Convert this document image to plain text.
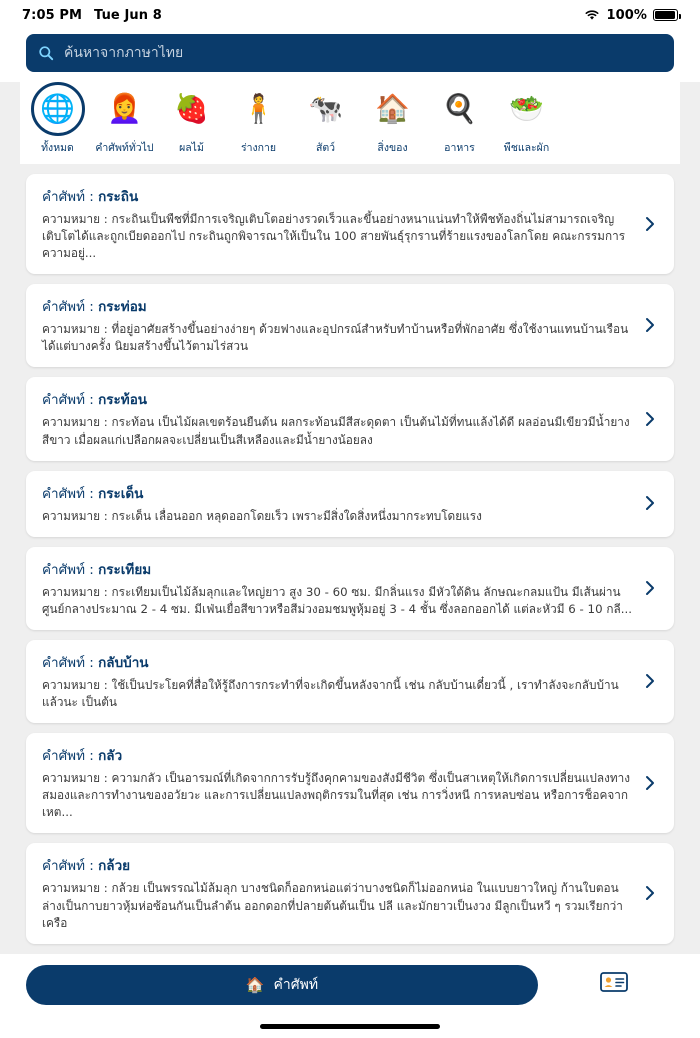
7:05 PM Tue Jun 8	100%
ค้นหาจากภาษาไทย
🌐
ทั้งหมด
👩‍🦰
คำศัพท์ทั่วไป
🍓
ผลไม้
🧍
ร่างกาย
🐄
สัตว์
🏠
สิ่งของ
🍳
อาหาร
🥗
พืชและผัก
คำศัพท์ : กระถิน
ความหมาย : กระถินเป็นพืชที่มีการเจริญเติบโตอย่างรวดเร็วและขึ้นอย่างหนาแน่นทำให้พืชท้องถิ่นไม่สามารถเจริญเติบโตได้และถูกเบียดออกไป กระถินถูกพิจารณาให้เป็นใน 100 สายพันธุ์รุกรานที่ร้ายแรงของโลกโดย คณะกรรมการความอยู่...
คำศัพท์ : กระท่อม
ความหมาย : ที่อยู่อาศัยสร้างขึ้นอย่างง่ายๆ ด้วยฟางและอุปกรณ์สำหรับทำบ้านหรือที่พักอาศัย ซึ่งใช้งานแทนบ้านเรือนได้แต่บางครั้ง นิยมสร้างขึ้นไว้ตามไร่สวน
คำศัพท์ : กระท้อน
ความหมาย : กระท้อน เป็นไม้ผลเขตร้อนยืนต้น ผลกระท้อนมีสีสะดุดตา เป็นต้นไม้ที่ทนแล้งได้ดี ผลอ่อนมีเขียวมีน้ำยางสีขาว เมื่อผลแก่เปลือกผลจะเปลี่ยนเป็นสีเหลืองและมีน้ำยางน้อยลง
คำศัพท์ : กระเด็น
ความหมาย : กระเด็น เลื่อนออก หลุดออกโดยเร็ว เพราะมีสิ่งใดสิ่งหนึ่งมากระทบโดยแรง
คำศัพท์ : กระเทียม
ความหมาย : กระเทียมเป็นไม้ล้มลุกและใหญ่ยาว สูง 30 - 60 ซม. มีกลิ่นแรง มีหัวใต้ดิน ลักษณะกลมแป้น มีเส้นผ่านศูนย์กลางประมาณ 2 - 4 ซม. มีเฟ่นเยื่อสีขาวหรือสีม่วงอมชมพูหุ้มอยู่ 3 - 4 ชั้น ซึ่งลอกออกได้ แต่ละหัวมี 6 - 10 กลี...
คำศัพท์ : กลับบ้าน
ความหมาย : ใช้เป็นประโยคที่สื่อให้รู้ถึงการกระทำที่จะเกิดขึ้นหลังจากนี้ เช่น กลับบ้านเดี๋ยวนี้ , เราทำลังจะกลับบ้านแล้วนะ เป็นต้น
คำศัพท์ : กลัว
ความหมาย : ความกลัว เป็นอารมณ์ที่เกิดจากการรับรู้ถึงคุกคามของสังมีชีวิต ซึ่งเป็นสาเหตุให้เกิดการเปลี่ยนแปลงทางสมองและการทำงานของอวัยวะ และการเปลี่ยนแปลงพฤติกรรมในที่สุด เช่น การวิ่งหนี การหลบซ่อน หรือการช็อคจากเหต...
คำศัพท์ : กล้วย
ความหมาย : กล้วย เป็นพรรณไม้ล้มลุก บางชนิดก็ออกหน่อแต่ว่าบางชนิดก็ไม่ออกหน่อ ในแบบยาวใหญ่ ก้านใบตอนล่างเป็นกาบยาวหุ้มห่อซ้อนกันเป็นลำต้น ออกดอกที่ปลายต้นต้นเป็น ปลี และมักยาวเป็นงวง มีลูกเป็นหวี ๆ รวมเรียกว่า เครือ
🏠 คำศัพท์
